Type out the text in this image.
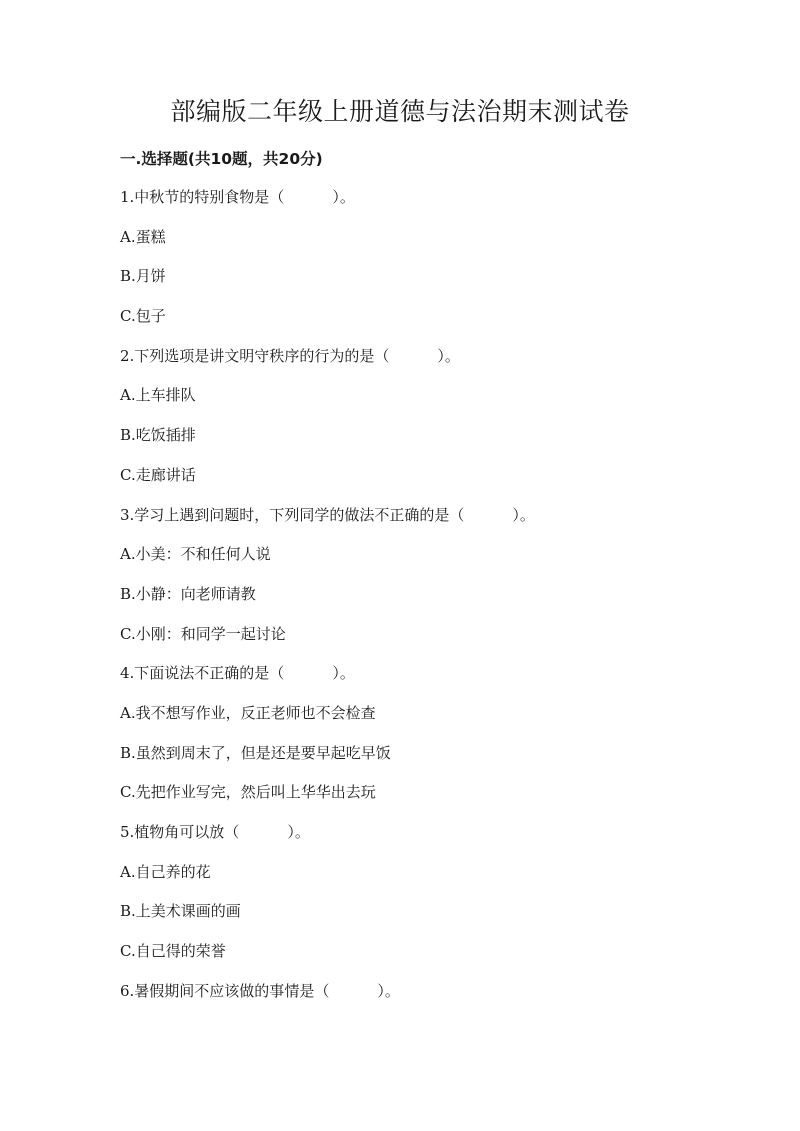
部编版二年级上册道德与法治期末测试卷
一.选择题(共10题，共20分)
1.中秋节的特别食物是（	）。
A.蛋糕
B.月饼
C.包子
2.下列选项是讲文明守秩序的行为的是（	）。
A.上车排队
B.吃饭插排
C.走廊讲话
3.学习上遇到问题时，下列同学的做法不正确的是（	）。
A.小美：不和任何人说
B.小静：向老师请教
C.小刚：和同学一起讨论
4.下面说法不正确的是（	）。
A.我不想写作业，反正老师也不会检查
B.虽然到周末了，但是还是要早起吃早饭
C.先把作业写完，然后叫上华华出去玩
5.植物角可以放（	）。
A.自己养的花
B.上美术课画的画
C.自己得的荣誉
6.暑假期间不应该做的事情是（	）。
